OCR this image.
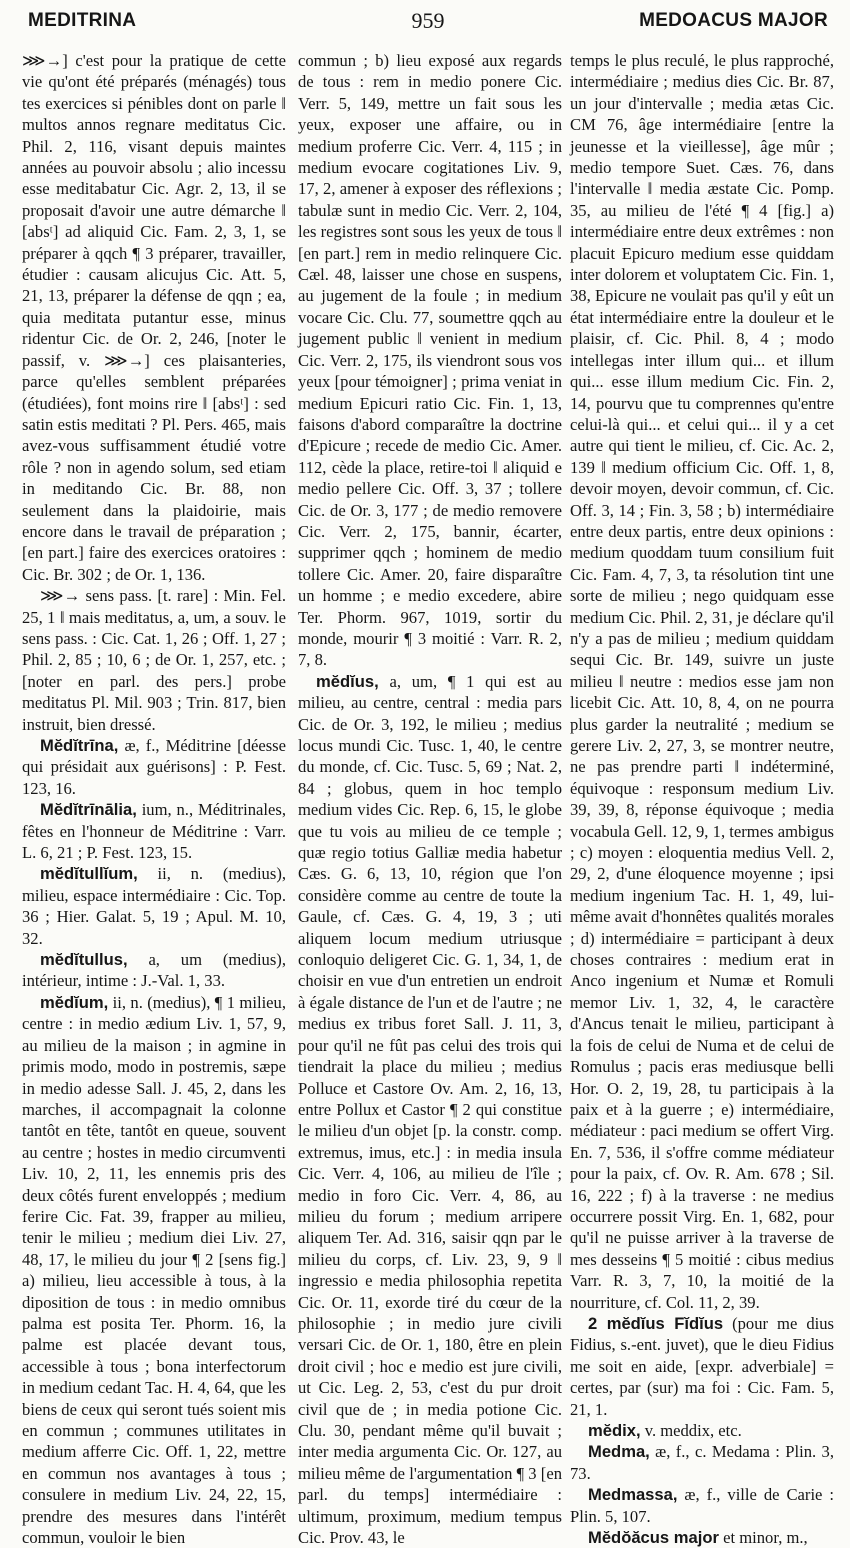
MEDITRINA	959	MEDOACUS MAJOR

⋙→] c'est pour la pratique de cette vie qu'ont été préparés (ménagés) tous tes exercices si pénibles dont on parle ‖ multos annos regnare meditatus Cic. Phil. 2, 116, visant depuis maintes années au pouvoir absolu ; alio incessu esse meditabatur Cic. Agr. 2, 13, il se proposait d'avoir une autre démarche ‖ [absᵗ] ad aliquid Cic. Fam. 2, 3, 1, se préparer à qqch ¶ 3 préparer, travailler, étudier : causam alicujus Cic. Att. 5, 21, 13, préparer la défense de qqn ; ea, quia meditata putantur esse, minus ridentur Cic. de Or. 2, 246, [noter le passif, v. ⋙→] ces plaisanteries, parce qu'elles semblent préparées (étudiées), font moins rire ‖ [absᵗ] : sed satin estis meditati ? Pl. Pers. 465, mais avez-vous suffisamment étudié votre rôle ? non in agendo solum, sed etiam in meditando Cic. Br. 88, non seulement dans la plaidoirie, mais encore dans le travail de préparation ; [en part.] faire des exercices oratoires : Cic. Br. 302 ; de Or. 1, 136.

⋙→ sens pass. [t. rare] : Min. Fel. 25, 1 ‖ mais meditatus, a, um, a souv. le sens pass. : Cic. Cat. 1, 26 ; Off. 1, 27 ; Phil. 2, 85 ; 10, 6 ; de Or. 1, 257, etc. ; [noter en parl. des pers.] probe meditatus Pl. Mil. 903 ; Trin. 817, bien instruit, bien dressé.

Mĕdĭtrīna, æ, f., Méditrine [déesse qui présidait aux guérisons] : P. Fest. 123, 16.

Mĕdĭtrīnālia, ium, n., Méditrinales, fêtes en l'honneur de Méditrine : Varr. L. 6, 21 ; P. Fest. 123, 15.

mĕdĭtullĭum, ii, n. (medius), milieu, espace intermédiaire : Cic. Top. 36 ; Hier. Galat. 5, 19 ; Apul. M. 10, 32.

mĕdĭtullus, a, um (medius), intérieur, intime : J.-Val. 1, 33.

mĕdĭum, ii, n. (medius), ¶ 1 milieu, centre : in medio ædium Liv. 1, 57, 9, au milieu de la maison ; in agmine in primis modo, modo in postremis, sæpe in medio adesse Sall. J. 45, 2, dans les marches, il accompagnait la colonne tantôt en tête, tantôt en queue, souvent au centre ; hostes in medio circumventi Liv. 10, 2, 11, les ennemis pris des deux côtés furent enveloppés ; medium ferire Cic. Fat. 39, frapper au milieu, tenir le milieu ; medium diei Liv. 27, 48, 17, le milieu du jour ¶ 2 [sens fig.] a) milieu, lieu accessible à tous, à la diposition de tous : in medio omnibus palma est posita Ter. Phorm. 16, la palme est placée devant tous, accessible à tous ; bona interfectorum in medium cedant Tac. H. 4, 64, que les biens de ceux qui seront tués soient mis en commun ; communes utilitates in medium afferre Cic. Off. 1, 22, mettre en commun nos avantages à tous ; consulere in medium Liv. 24, 22, 15, prendre des mesures dans l'intérêt commun, vouloir le bien

commun ; b) lieu exposé aux regards de tous : rem in medio ponere Cic. Verr. 5, 149, mettre un fait sous les yeux, exposer une affaire, ou in medium proferre Cic. Verr. 4, 115 ; in medium evocare cogitationes Liv. 9, 17, 2, amener à exposer des réflexions ; tabulæ sunt in medio Cic. Verr. 2, 104, les registres sont sous les yeux de tous ‖ [en part.] rem in medio relinquere Cic. Cæl. 48, laisser une chose en suspens, au jugement de la foule ; in medium vocare Cic. Clu. 77, soumettre qqch au jugement public ‖ venient in medium Cic. Verr. 2, 175, ils viendront sous vos yeux [pour témoigner] ; prima veniat in medium Epicuri ratio Cic. Fin. 1, 13, faisons d'abord comparaître la doctrine d'Epicure ; recede de medio Cic. Amer. 112, cède la place, retire-toi ‖ aliquid e medio pellere Cic. Off. 3, 37 ; tollere Cic. de Or. 3, 177 ; de medio removere Cic. Verr. 2, 175, bannir, écarter, supprimer qqch ; hominem de medio tollere Cic. Amer. 20, faire disparaître un homme ; e medio excedere, abire Ter. Phorm. 967, 1019, sortir du monde, mourir ¶ 3 moitié : Varr. R. 2, 7, 8.

mĕdĭus, a, um, ¶ 1 qui est au milieu, au centre, central : media pars Cic. de Or. 3, 192, le milieu ; medius locus mundi Cic. Tusc. 1, 40, le centre du monde, cf. Cic. Tusc. 5, 69 ; Nat. 2, 84 ; globus, quem in hoc templo medium vides Cic. Rep. 6, 15, le globe que tu vois au milieu de ce temple ; quæ regio totius Galliæ media habetur Cæs. G. 6, 13, 10, région que l'on considère comme au centre de toute la Gaule, cf. Cæs. G. 4, 19, 3 ; uti aliquem locum medium utriusque conloquio deligeret Cic. G. 1, 34, 1, de choisir en vue d'un entretien un endroit à égale distance de l'un et de l'autre ; ne medius ex tribus foret Sall. J. 11, 3, pour qu'il ne fût pas celui des trois qui tiendrait la place du milieu ; medius Polluce et Castore Ov. Am. 2, 16, 13, entre Pollux et Castor ¶ 2 qui constitue le milieu d'un objet [p. la constr. comp. extremus, imus, etc.] : in media insula Cic. Verr. 4, 106, au milieu de l'île ; medio in foro Cic. Verr. 4, 86, au milieu du forum ; medium arripere aliquem Ter. Ad. 316, saisir qqn par le milieu du corps, cf. Liv. 23, 9, 9 ‖ ingressio e media philosophia repetita Cic. Or. 11, exorde tiré du cœur de la philosophie ; in medio jure civili versari Cic. de Or. 1, 180, être en plein droit civil ; hoc e medio est jure civili, ut Cic. Leg. 2, 53, c'est du pur droit civil que de ; in media potione Cic. Clu. 30, pendant même qu'il buvait ; inter media argumenta Cic. Or. 127, au milieu même de l'argumentation ¶ 3 [en parl. du temps] intermédiaire : ultimum, proximum, medium tempus Cic. Prov. 43, le

temps le plus reculé, le plus rapproché, intermédiaire ; medius dies Cic. Br. 87, un jour d'intervalle ; media ætas Cic. CM 76, âge intermédiaire [entre la jeunesse et la vieillesse], âge mûr ; medio tempore Suet. Cæs. 76, dans l'intervalle ‖ media æstate Cic. Pomp. 35, au milieu de l'été ¶ 4 [fig.] a) intermédiaire entre deux extrêmes : non placuit Epicuro medium esse quiddam inter dolorem et voluptatem Cic. Fin. 1, 38, Epicure ne voulait pas qu'il y eût un état intermédiaire entre la douleur et le plaisir, cf. Cic. Phil. 8, 4 ; modo intellegas inter illum qui... et illum qui... esse illum medium Cic. Fin. 2, 14, pourvu que tu comprennes qu'entre celui-là qui... et celui qui... il y a cet autre qui tient le milieu, cf. Cic. Ac. 2, 139 ‖ medium officium Cic. Off. 1, 8, devoir moyen, devoir commun, cf. Cic. Off. 3, 14 ; Fin. 3, 58 ; b) intermédiaire entre deux partis, entre deux opinions : medium quoddam tuum consilium fuit Cic. Fam. 4, 7, 3, ta résolution tint une sorte de milieu ; nego quidquam esse medium Cic. Phil. 2, 31, je déclare qu'il n'y a pas de milieu ; medium quiddam sequi Cic. Br. 149, suivre un juste milieu ‖ neutre : medios esse jam non licebit Cic. Att. 10, 8, 4, on ne pourra plus garder la neutralité ; medium se gerere Liv. 2, 27, 3, se montrer neutre, ne pas prendre parti ‖ indéterminé, équivoque : responsum medium Liv. 39, 39, 8, réponse équivoque ; media vocabula Gell. 12, 9, 1, termes ambigus ; c) moyen : eloquentia medius Vell. 2, 29, 2, d'une éloquence moyenne ; ipsi medium ingenium Tac. H. 1, 49, lui-même avait d'honnêtes qualités morales ; d) intermédiaire = participant à deux choses contraires : medium erat in Anco ingenium et Numæ et Romuli memor Liv. 1, 32, 4, le caractère d'Ancus tenait le milieu, participant à la fois de celui de Numa et de celui de Romulus ; pacis eras mediusque belli Hor. O. 2, 19, 28, tu participais à la paix et à la guerre ; e) intermédiaire, médiateur : paci medium se offert Virg. En. 7, 536, il s'offre comme médiateur pour la paix, cf. Ov. R. Am. 678 ; Sil. 16, 222 ; f) à la traverse : ne medius occurrere possit Virg. En. 1, 682, pour qu'il ne puisse arriver à la traverse de mes desseins ¶ 5 moitié : cibus medius Varr. R. 3, 7, 10, la moitié de la nourriture, cf. Col. 11, 2, 39.

2 mĕdĭus Fĭdĭus (pour me dius Fidius, s.-ent. juvet), que le dieu Fidius me soit en aide, [expr. adverbiale] = certes, par (sur) ma foi : Cic. Fam. 5, 21, 1.

mĕdix, v. meddix, etc.

Medma, æ, f., c. Medama : Plin. 3, 73.

Medmassa, æ, f., ville de Carie : Plin. 5, 107.

Mĕdŏăcus major et minor, m.,
